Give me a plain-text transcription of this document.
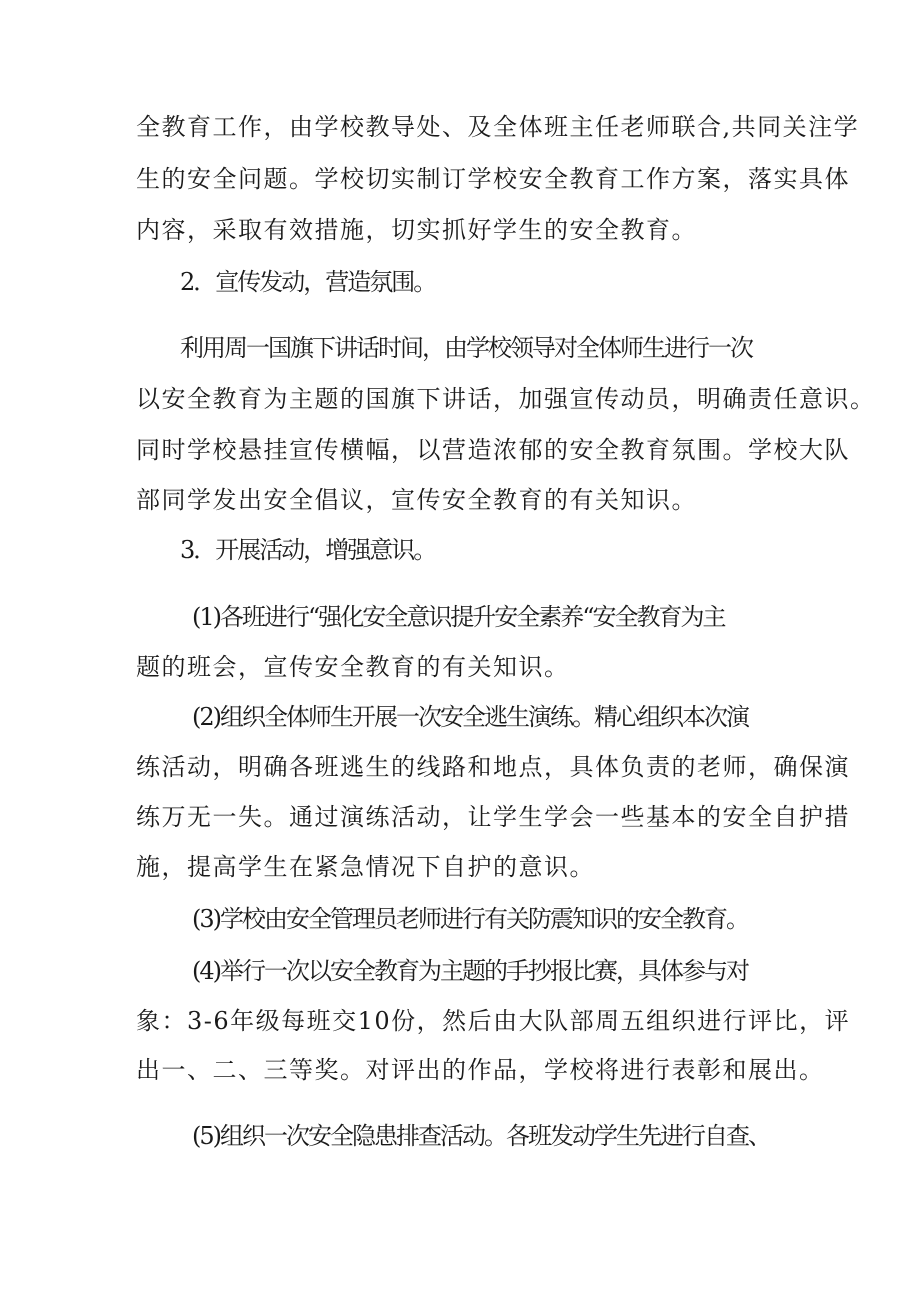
全教育工作，由学校教导处、及全体班主任老师联合,共同关注学
生的安全问题。学校切实制订学校安全教育工作方案，落实具体
内容，采取有效措施，切实抓好学生的安全教育。
2．宣传发动，营造氛围。
利用周一国旗下讲话时间，由学校领导对全体师生进行一次
以安全教育为主题的国旗下讲话，加强宣传动员，明确责任意识。
同时学校悬挂宣传横幅，以营造浓郁的安全教育氛围。学校大队
部同学发出安全倡议，宣传安全教育的有关知识。
3．开展活动，增强意识。
(1)各班进行“强化安全意识提升安全素养“安全教育为主
题的班会，宣传安全教育的有关知识。
(2)组织全体师生开展一次安全逃生演练。精心组织本次演
练活动，明确各班逃生的线路和地点，具体负责的老师，确保演
练万无一失。通过演练活动，让学生学会一些基本的安全自护措
施，提高学生在紧急情况下自护的意识。
(3)学校由安全管理员老师进行有关防震知识的安全教育。
(4)举行一次以安全教育为主题的手抄报比赛，具体参与对
象：3-6年级每班交10份，然后由大队部周五组织进行评比，评
出一、二、三等奖。对评出的作品，学校将进行表彰和展出。
(5)组织一次安全隐患排查活动。各班发动学生先进行自查、
